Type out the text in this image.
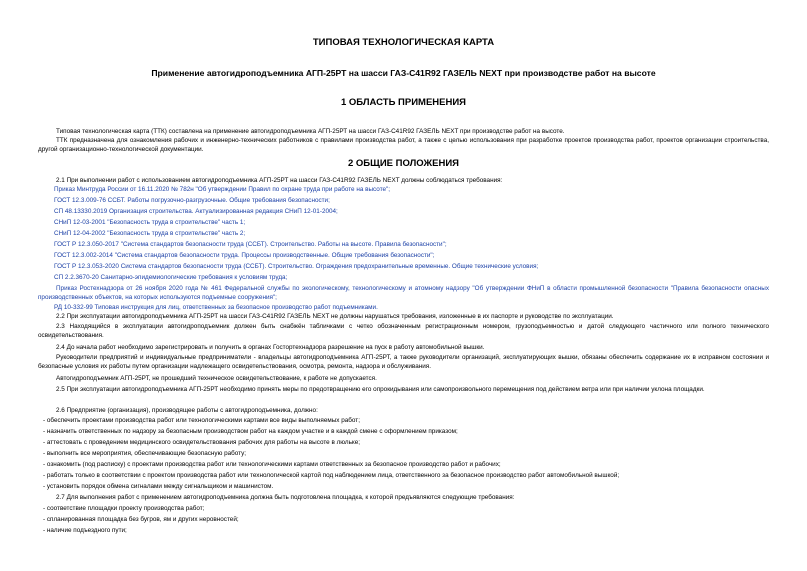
ТИПОВАЯ ТЕХНОЛОГИЧЕСКАЯ КАРТА
Применение автогидроподъемника АГП-25РТ на шасси ГАЗ-C41R92 ГАЗЕЛЬ NEXT при производстве работ на высоте
1 ОБЛАСТЬ ПРИМЕНЕНИЯ
Типовая технологическая карта (ТТК) составлена на применение автогидроподъемника АГП-25РТ на шасси ГАЗ-C41R92 ГАЗЕЛЬ NEXT при производстве работ на высоте.
ТТК предназначена для ознакомления рабочих и инженерно-технических работников с правилами производства работ, а также с целью использования при разработке проектов производства работ, проектов организации строительства, другой организационно-технологической документации.
2 ОБЩИЕ ПОЛОЖЕНИЯ
2.1 При выполнении работ с использованием автогидроподъемника АГП-25РТ на шасси ГАЗ-C41R92 ГАЗЕЛЬ NEXT должны соблюдаться требования:
Приказ Минтруда России от 16.11.2020 № 782н "Об утверждении Правил по охране труда при работе на высоте";
ГОСТ 12.3.009-76 ССБТ. Работы погрузочно-разгрузочные. Общие требования безопасности;
СП 48.13330.2019 Организация строительства. Актуализированная редакция СНиП 12-01-2004;
СНиП 12-03-2001 "Безопасность труда в строительстве" часть 1;
СНиП 12-04-2002 "Безопасность труда в строительстве" часть 2;
ГОСТ Р 12.3.050-2017 "Система стандартов безопасности труда (ССБТ). Строительство. Работы на высоте. Правила безопасности";
ГОСТ 12.3.002-2014 "Система стандартов безопасности труда. Процессы производственные. Общие требования безопасности";
ГОСТ Р 12.3.053-2020 Система стандартов безопасности труда (ССБТ). Строительство. Ограждения предохранительные временные. Общие технические условия;
СП 2.2.3670-20 Санитарно-эпидемиологические требования к условиям труда;
Приказ Ростехнадзора от 26 ноября 2020 года № 461 Федеральной службы по экологическому, технологическому и атомному надзору "Об утверждении ФНиП в области промышленной безопасности "Правила безопасности опасных производственных объектов, на которых используются подъемные сооружения";
РД 10-332-99 Типовая инструкция для лиц, ответственных за безопасное производство работ подъемниками.
2.2 При эксплуатации автогидроподъемника АГП-25РТ на шасси ГАЗ-C41R92 ГАЗЕЛЬ NEXT не должны нарушаться требования, изложенные в их паспорте и руководстве по эксплуатации.
2.3 Находящийся в эксплуатации автогидроподъемник должен быть снабжён табличками с четко обозначенным регистрационным номером, грузоподъемностью и датой следующего частичного или полного технического освидетельствования.
2.4 До начала работ необходимо зарегистрировать и получить в органах Гостортехнадзора разрешение на пуск в работу автомобильной вышки.
Руководители предприятий и индивидуальные предприниматели - владельцы автогидроподъемника АГП-25РТ, а также руководители организаций, эксплуатирующих вышки, обязаны обеспечить содержание их в исправном состоянии и безопасные условия их работы путем организации надлежащего освидетельствования, осмотра, ремонта, надзора и обслуживания.
Автогидроподъемник АГП-25РТ, не прошедший техническое освидетельствование, к работе не допускается.
2.5 При эксплуатации автогидроподъемника АГП-25РТ необходимо принять меры по предотвращению его опрокидывания или самопроизвольного перемещения под действием ветра или при наличии уклона площадки.
2.6 Предприятие (организация), производящее работы с автогидроподъемника, должно:
- обеспечить проектами производства работ или технологическими картами все виды выполняемых работ;
- назначить ответственных по надзору за безопасным производством работ на каждом участке и в каждой смене с оформлением приказом;
- аттестовать с проведением медицинского освидетельствования рабочих для работы на высоте в люльке;
- выполнить все мероприятия, обеспечивающие безопасную работу;
- ознакомить (под расписку) с проектами производства работ или технологическими картами ответственных за безопасное производство работ и рабочих;
- работать только в соответствии с проектом производства работ или технологической картой под наблюдением лица, ответственного за безопасное производство работ автомобильной вышкой;
- установить порядок обмена сигналами между сигнальщиком и машинистом.
2.7 Для выполнения работ с применением автогидроподъемника должна быть подготовлена площадка, к которой предъявляются следующие требования:
- соответствие площадки проекту производства работ;
- спланированная площадка без бугров, ям и других неровностей;
- наличие подъездного пути;
